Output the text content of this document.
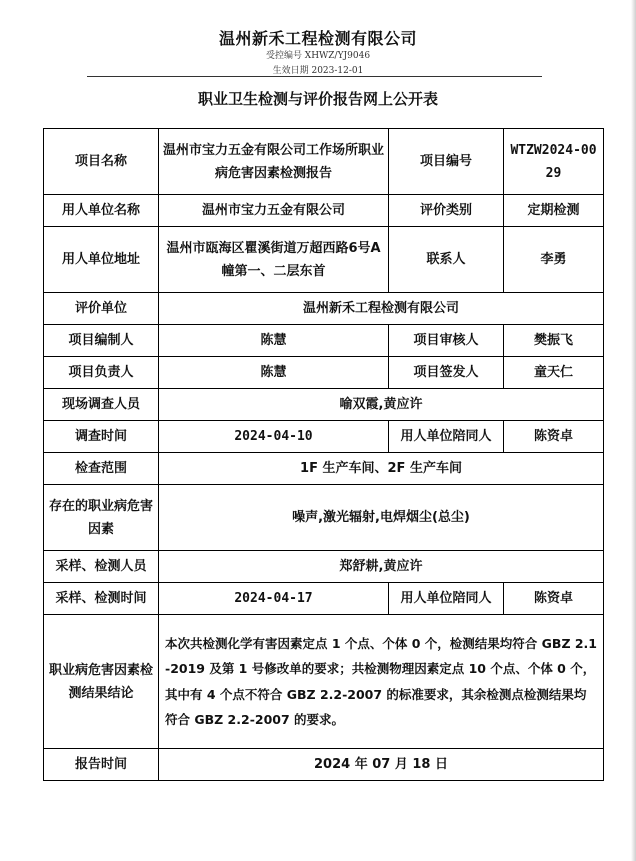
温州新禾工程检测有限公司
受控编号 XHWZ/YJ9046
生效日期 2023-12-01
职业卫生检测与评价报告网上公开表
项目名称	温州市宝力五金有限公司工作场所职业病危害因素检测报告	项目编号	WTZW2024-0029
用人单位名称	温州市宝力五金有限公司	评价类别	定期检测
用人单位地址	温州市瓯海区瞿溪街道万超西路6号A幢第一、二层东首	联系人	李勇
评价单位	温州新禾工程检测有限公司		
项目编制人	陈慧	项目审核人	樊振飞
项目负责人	陈慧	项目签发人	童天仁
现场调查人员	喻双霞,黄应许		
调查时间	2024-04-10	用人单位陪同人	陈资卓
检查范围	1F 生产车间、2F 生产车间		
存在的职业病危害因素	噪声,激光辐射,电焊烟尘(总尘)		
采样、检测人员	郑舒耕,黄应许		
采样、检测时间	2024-04-17	用人单位陪同人	陈资卓
职业病危害因素检测结果结论	本次共检测化学有害因素定点 1 个点、个体 0 个，检测结果均符合 GBZ 2.1-2019 及第 1 号修改单的要求；共检测物理因素定点 10 个点、个体 0 个，其中有 4 个点不符合 GBZ 2.2-2007 的标准要求，其余检测点检测结果均符合 GBZ 2.2-2007 的要求。		
报告时间	2024 年 07 月 18 日		
